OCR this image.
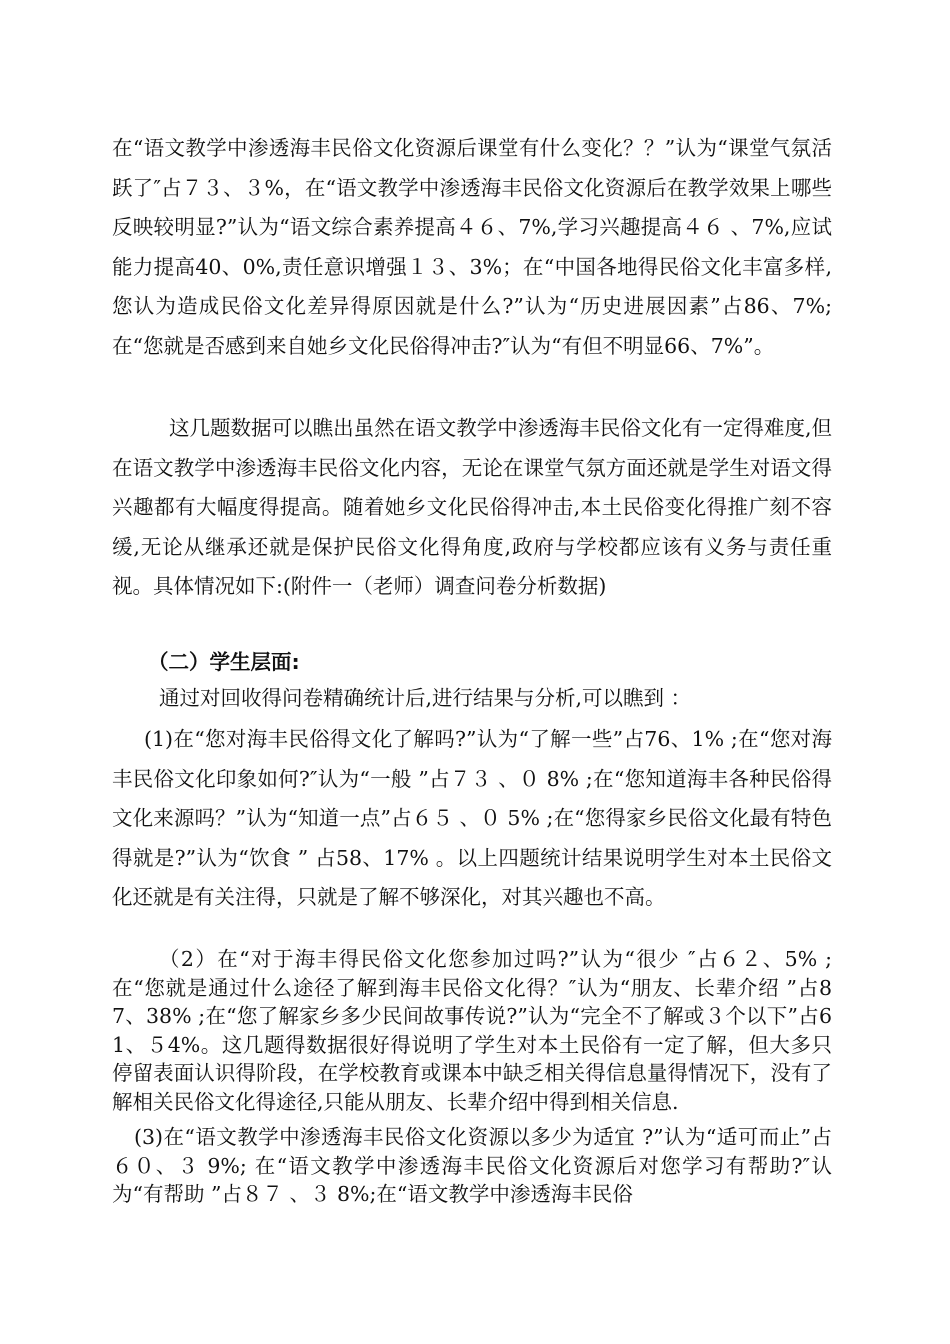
在“语文教学中渗透海丰民俗文化资源后课堂有什么变化？？”认为“课堂气氛活跃了″占７３、３%，在“语文教学中渗透海丰民俗文化资源后在教学效果上哪些反映较明显?”认为“语文综合素养提高４６、7%,学习兴趣提高４６ 、7%,应试能力提高40、0%,责任意识增强１３、3%；在“中国各地得民俗文化丰富多样,您认为造成民俗文化差异得原因就是什么?”认为“历史进展因素”占86、7%;在“您就是否感到来自她乡文化民俗得冲击?″认为“有但不明显66、7%”。

这几题数据可以瞧出虽然在语文教学中渗透海丰民俗文化有一定得难度,但在语文教学中渗透海丰民俗文化内容，无论在课堂气氛方面还就是学生对语文得兴趣都有大幅度得提高。随着她乡文化民俗得冲击,本土民俗变化得推广刻不容缓,无论从继承还就是保护民俗文化得角度,政府与学校都应该有义务与责任重视。具体情况如下:(附件一（老师）调查问卷分析数据)

（二）学生层面:

通过对回收得问卷精确统计后,进行结果与分析,可以瞧到 ：

(1)在“您对海丰民俗得文化了解吗?”认为“了解一些”占76、1% ;在“您对海丰民俗文化印象如何?″认为“一般 ”占７３ 、０ 8% ;在“您知道海丰各种民俗得文化来源吗？”认为“知道一点”占６５ 、０ 5% ;在“您得家乡民俗文化最有特色得就是?”认为“饮食 ” 占58、17% 。以上四题统计结果说明学生对本土民俗文化还就是有关注得，只就是了解不够深化，对其兴趣也不高。

（2）在“对于海丰得民俗文化您参加过吗?”认为“很少 ″占６２、5% ;在“您就是通过什么途径了解到海丰民俗文化得？″认为“朋友、长辈介绍 ”占87、38% ;在“您了解家乡多少民间故事传说?”认为“完全不了解或３个以下”占61、５4%。这几题得数据很好得说明了学生对本土民俗有一定了解，但大多只停留表面认识得阶段，在学校教育或课本中缺乏相关得信息量得情况下，没有了解相关民俗文化得途径,只能从朋友、长辈介绍中得到相关信息.

(3)在“语文教学中渗透海丰民俗文化资源以多少为适宜 ?”认为“适可而止”占６０、３ 9%; 在“语文教学中渗透海丰民俗文化资源后对您学习有帮助?″认为“有帮助 ”占８７ 、３ 8%;在“语文教学中渗透海丰民俗
